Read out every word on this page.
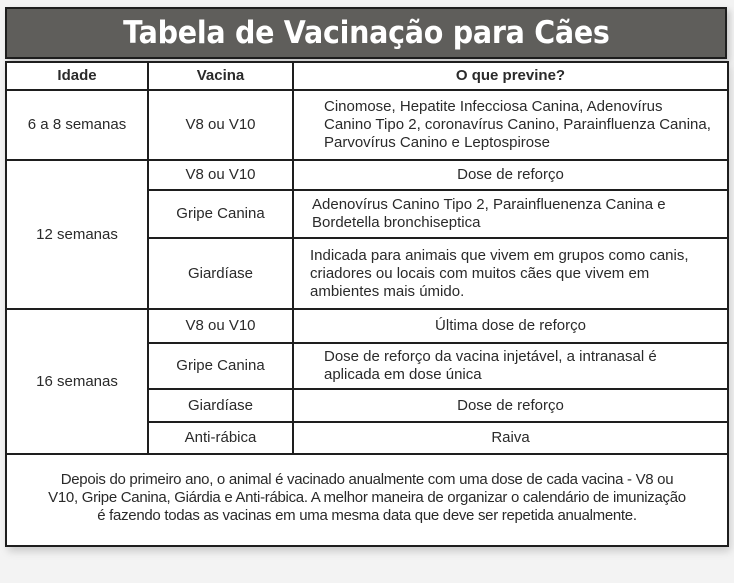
Tabela de Vacinação para Cães
Idade	Vacina	O que previne?
6 a 8 semanas	V8 ou V10	Cinomose, Hepatite Infecciosa Canina, Adenovírus Canino Tipo 2, coronavírus Canino, Parainfluenza Canina, Parvovírus Canino e Leptospirose
12 semanas	V8 ou V10	Dose de reforço
	Gripe Canina	Adenovírus Canino Tipo 2, Parainfluenenza Canina e Bordetella bronchiseptica
	Giardíase	Indicada para animais que vivem em grupos como canis, criadores ou locais com muitos cães que vivem em ambientes mais úmido.
16 semanas	V8 ou V10	Última dose de reforço
	Gripe Canina	Dose de reforço da vacina injetável, a intranasal é aplicada em dose única
	Giardíase	Dose de reforço
	Anti-rábica	Raiva
Depois do primeiro ano, o animal é vacinado anualmente com uma dose de cada vacina - V8 ou V10, Gripe Canina, Giárdia e Anti-rábica. A melhor maneira de organizar o calendário de imunização é fazendo todas as vacinas em uma mesma data que deve ser repetida anualmente.		
